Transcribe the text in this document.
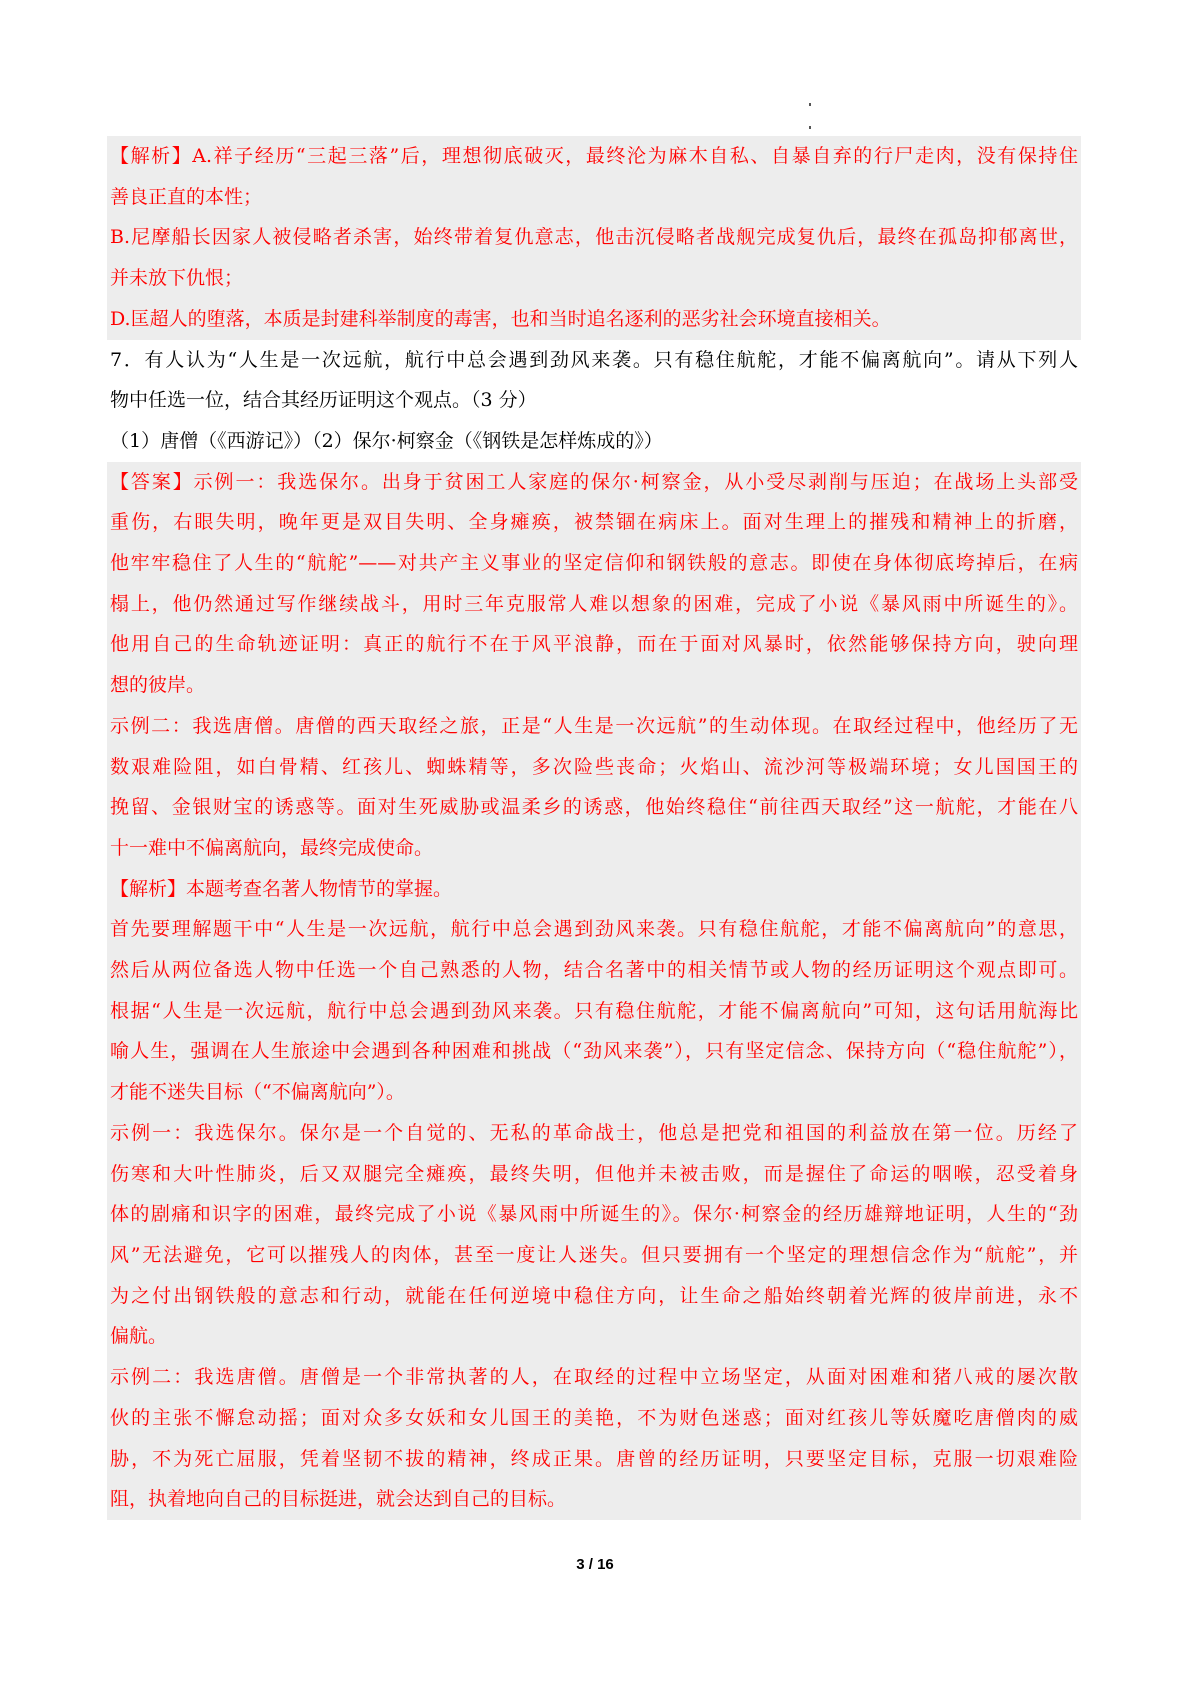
【解析】A.祥子经历“三起三落”后，理想彻底破灭，最终沦为麻木自私、自暴自弃的行尸走肉，没有保持住
善良正直的本性；
B.尼摩船长因家人被侵略者杀害，始终带着复仇意志，他击沉侵略者战舰完成复仇后，最终在孤岛抑郁离世，
并未放下仇恨；
D.匡超人的堕落，本质是封建科举制度的毒害，也和当时追名逐利的恶劣社会环境直接相关。
7．有人认为“人生是一次远航，航行中总会遇到劲风来袭。只有稳住航舵，才能不偏离航向”。请从下列人
物中任选一位，结合其经历证明这个观点。（3 分）
（1）唐僧（《西游记》）（2）保尔·柯察金（《钢铁是怎样炼成的》）
【答案】示例一：我选保尔。出身于贫困工人家庭的保尔·柯察金，从小受尽剥削与压迫；在战场上头部受
重伤，右眼失明，晚年更是双目失明、全身瘫痪，被禁锢在病床上。面对生理上的摧残和精神上的折磨，
他牢牢稳住了人生的“航舵”——对共产主义事业的坚定信仰和钢铁般的意志。即使在身体彻底垮掉后，在病
榻上，他仍然通过写作继续战斗，用时三年克服常人难以想象的困难，完成了小说《暴风雨中所诞生的》。
他用自己的生命轨迹证明：真正的航行不在于风平浪静，而在于面对风暴时，依然能够保持方向，驶向理
想的彼岸。
示例二：我选唐僧。唐僧的西天取经之旅，正是“人生是一次远航”的生动体现。在取经过程中，他经历了无
数艰难险阻，如白骨精、红孩儿、蜘蛛精等，多次险些丧命；火焰山、流沙河等极端环境；女儿国国王的
挽留、金银财宝的诱惑等。面对生死威胁或温柔乡的诱惑，他始终稳住“前往西天取经”这一航舵，才能在八
十一难中不偏离航向，最终完成使命。
【解析】本题考查名著人物情节的掌握。
首先要理解题干中“人生是一次远航，航行中总会遇到劲风来袭。只有稳住航舵，才能不偏离航向”的意思，
然后从两位备选人物中任选一个自己熟悉的人物，结合名著中的相关情节或人物的经历证明这个观点即可。
根据“人生是一次远航，航行中总会遇到劲风来袭。只有稳住航舵，才能不偏离航向”可知，这句话用航海比
喻人生，强调在人生旅途中会遇到各种困难和挑战（“劲风来袭”），只有坚定信念、保持方向（“稳住航舵”），
才能不迷失目标（“不偏离航向”）。
示例一：我选保尔。保尔是一个自觉的、无私的革命战士，他总是把党和祖国的利益放在第一位。历经了
伤寒和大叶性肺炎，后又双腿完全瘫痪，最终失明，但他并未被击败，而是握住了命运的咽喉，忍受着身
体的剧痛和识字的困难，最终完成了小说《暴风雨中所诞生的》。保尔·柯察金的经历雄辩地证明，人生的“劲
风”无法避免，它可以摧残人的肉体，甚至一度让人迷失。但只要拥有一个坚定的理想信念作为“航舵”，并
为之付出钢铁般的意志和行动，就能在任何逆境中稳住方向，让生命之船始终朝着光辉的彼岸前进，永不
偏航。
示例二：我选唐僧。唐僧是一个非常执著的人，在取经的过程中立场坚定，从面对困难和猪八戒的屡次散
伙的主张不懈怠动摇；面对众多女妖和女儿国王的美艳，不为财色迷惑；面对红孩儿等妖魔吃唐僧肉的威
胁，不为死亡屈服，凭着坚韧不拔的精神，终成正果。唐曾的经历证明，只要坚定目标，克服一切艰难险
阻，执着地向自己的目标挺进，就会达到自己的目标。
3 / 16
